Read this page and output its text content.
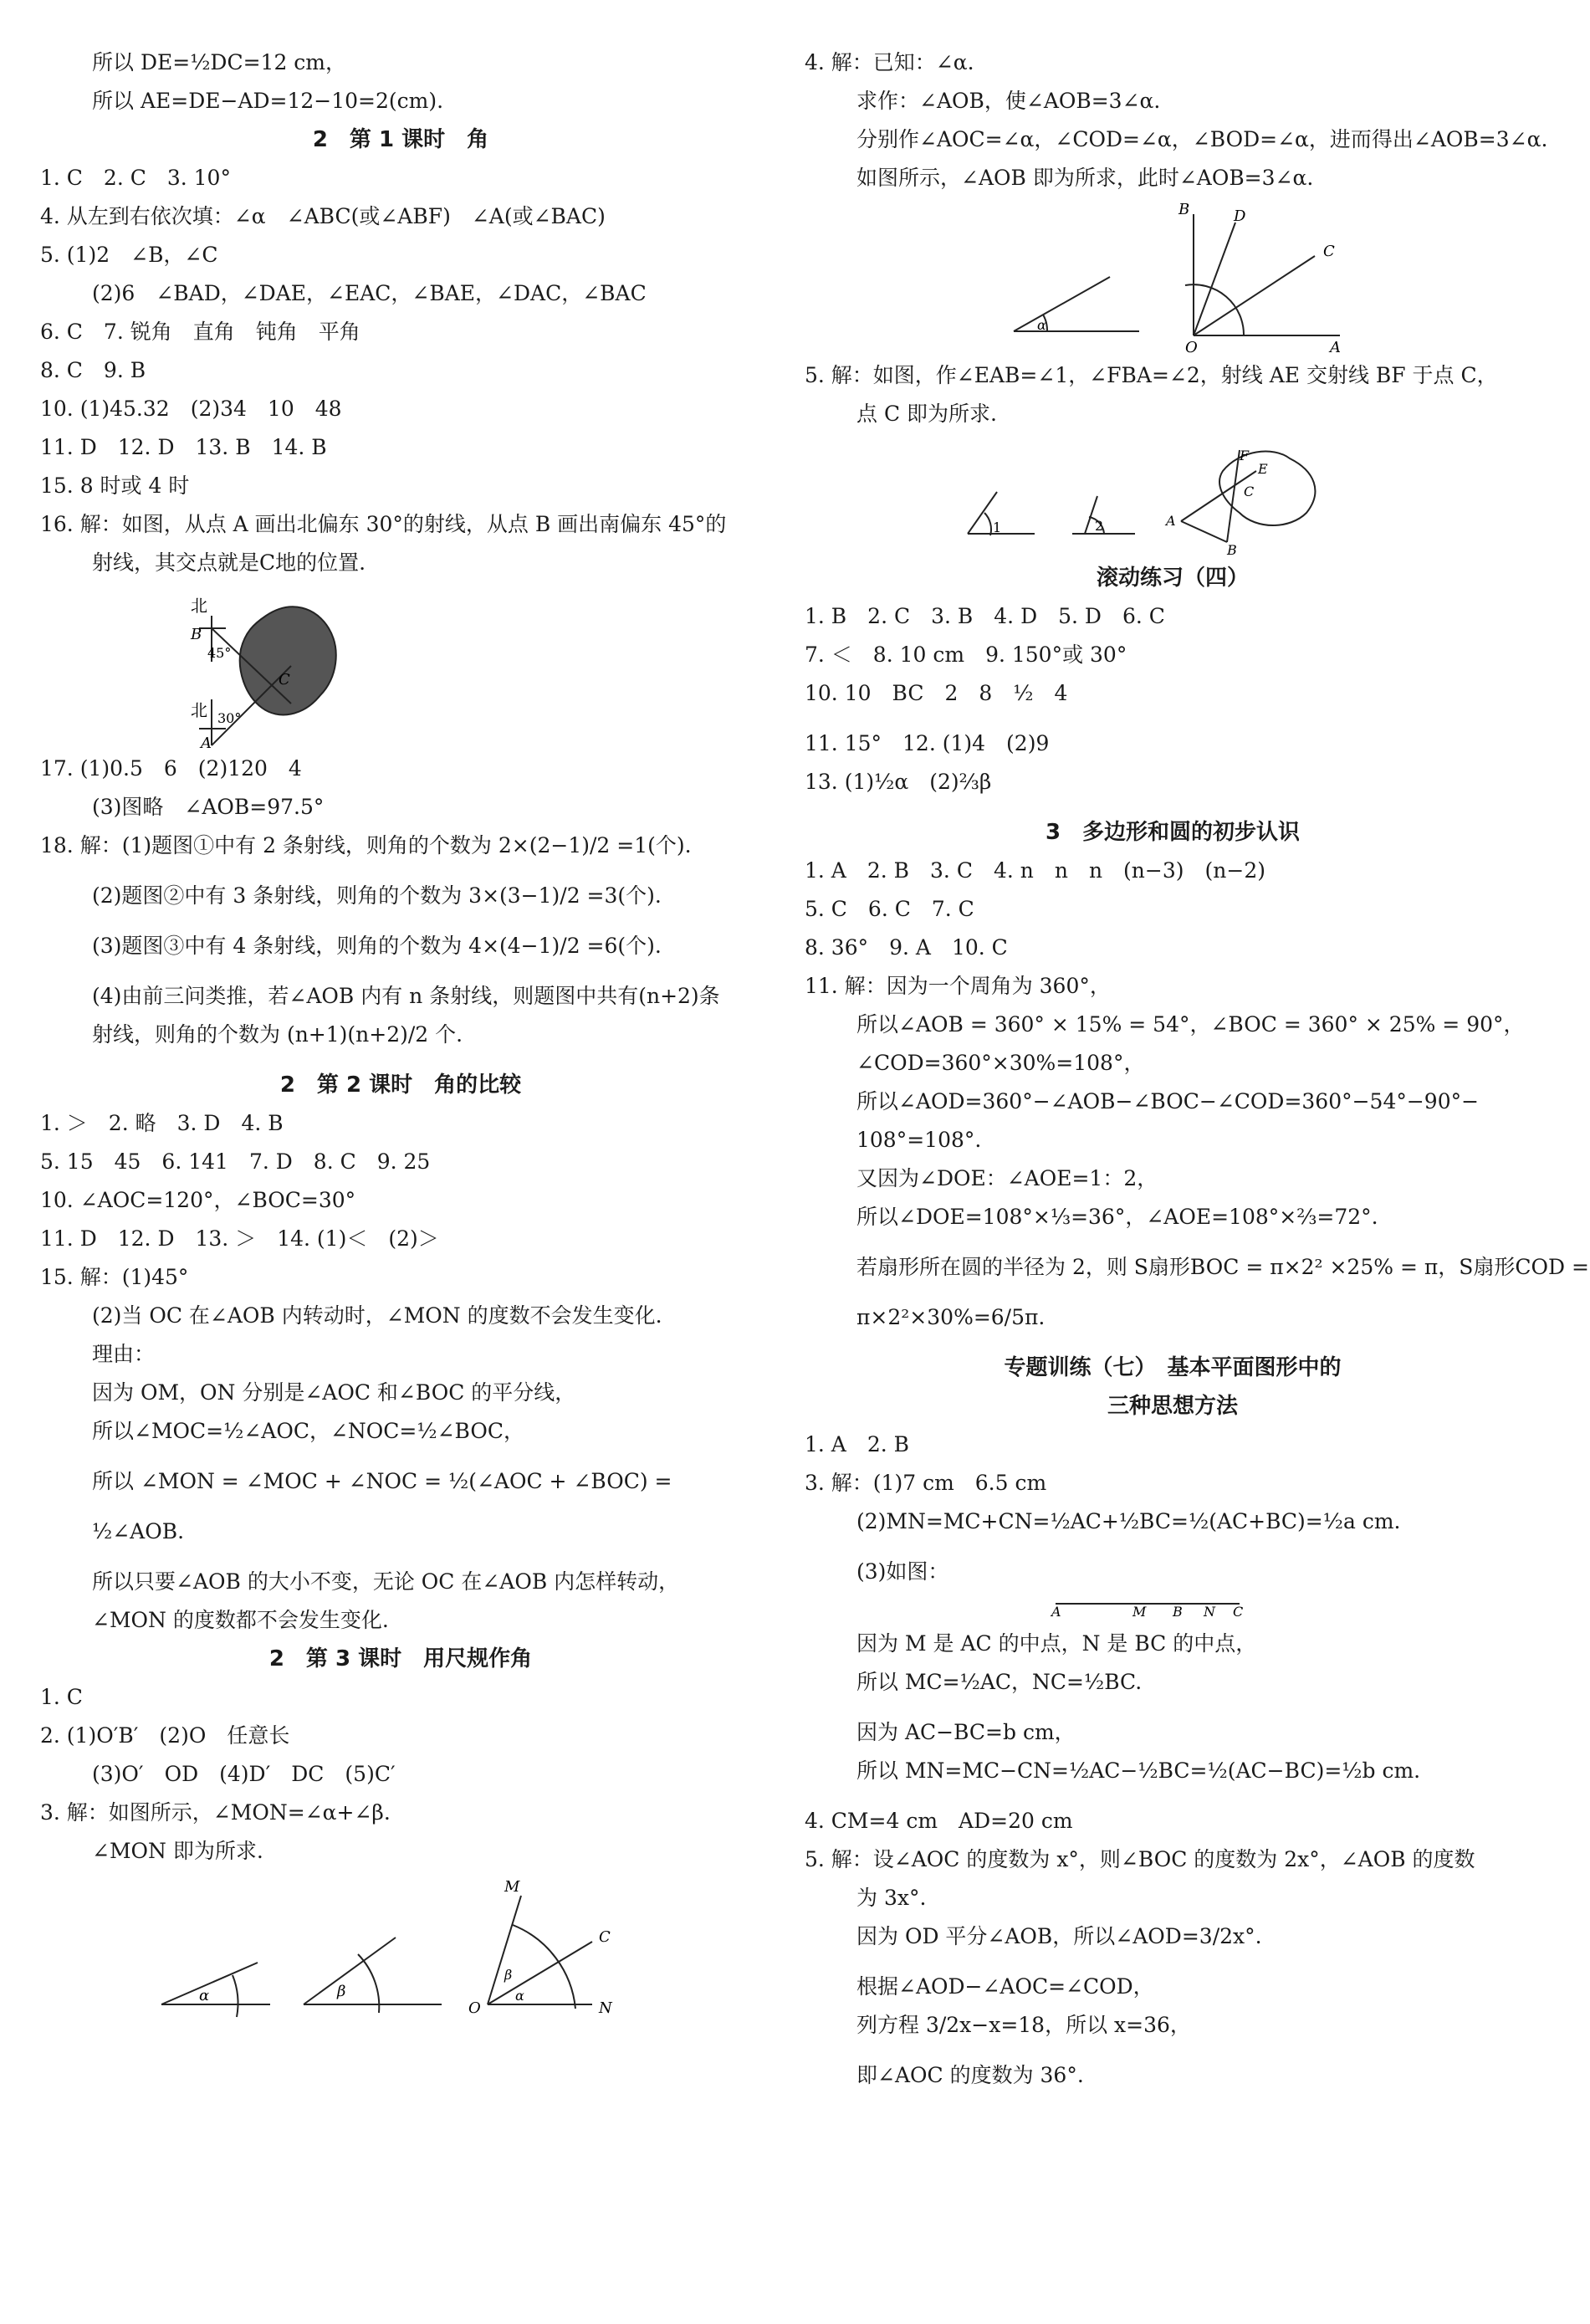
所以 DE=½DC=12 cm，
所以 AE=DE−AD=12−10=2(cm).
2　第 1 课时　角
1. C　2. C　3. 10°
4. 从左到右依次填：∠α　∠ABC(或∠ABF)　∠A(或∠BAC)
5. (1)2　∠B，∠C
(2)6　∠BAD，∠DAE，∠EAC，∠BAE，∠DAC，∠BAC
6. C　7. 锐角　直角　钝角　平角
8. C　9. B
10. (1)45.32　(2)34　10　48
11. D　12. D　13. B　14. B
15. 8 时或 4 时
16. 解：如图，从点 A 画出北偏东 30°的射线，从点 B 画出南偏东 45°的
射线，其交点就是C地的位置.
北
B
45°
C
北 30°
A
17. (1)0.5　6　(2)120　4
(3)图略　∠AOB=97.5°
18. 解：(1)题图①中有 2 条射线，则角的个数为 2×(2−1)/2 =1(个).
(2)题图②中有 3 条射线，则角的个数为 3×(3−1)/2 =3(个).
(3)题图③中有 4 条射线，则角的个数为 4×(4−1)/2 =6(个).
(4)由前三问类推，若∠AOB 内有 n 条射线，则题图中共有(n+2)条
射线，则角的个数为 (n+1)(n+2)/2 个.
2　第 2 课时　角的比较
1. ＞　2. 略　3. D　4. B
5. 15　45　6. 141　7. D　8. C　9. 25
10. ∠AOC=120°，∠BOC=30°
11. D　12. D　13. ＞　14. (1)＜　(2)＞
15. 解：(1)45°
(2)当 OC 在∠AOB 内转动时，∠MON 的度数不会发生变化.
理由：
因为 OM，ON 分别是∠AOC 和∠BOC 的平分线，
所以∠MOC=½∠AOC，∠NOC=½∠BOC，
所以 ∠MON = ∠MOC + ∠NOC = ½(∠AOC + ∠BOC) =
½∠AOB.
所以只要∠AOB 的大小不变，无论 OC 在∠AOB 内怎样转动，
∠MON 的度数都不会发生变化.
2　第 3 课时　用尺规作角
1. C
2. (1)O′B′　(2)O　任意长
(3)O′　OD　(4)D′　DC　(5)C′
3. 解：如图所示，∠MON=∠α+∠β.
∠MON 即为所求.
α	β
M
C
β
α
O	N
4. 解：已知：∠α.
求作：∠AOB，使∠AOB=3∠α.
分别作∠AOC=∠α，∠COD=∠α，∠BOD=∠α，进而得出∠AOB=3∠α.
如图所示，∠AOB 即为所求，此时∠AOB=3∠α.
α
B	D
C
O	A
5. 解：如图，作∠EAB=∠1，∠FBA=∠2，射线 AE 交射线 BF 于点 C，
点 C 即为所求.
1	2
F
E
C
A
B
滚动练习（四）
1. B　2. C　3. B　4. D　5. D　6. C
7. ＜　8. 10 cm　9. 150°或 30°
10. 10　BC　2　8　½　4
11. 15°　12. (1)4　(2)9
13. (1)½α　(2)⅔β
3　多边形和圆的初步认识
1. A　2. B　3. C　4. n　n　n　(n−3)　(n−2)
5. C　6. C　7. C
8. 36°　9. A　10. C
11. 解：因为一个周角为 360°，
所以∠AOB = 360° × 15% = 54°，∠BOC = 360° × 25% = 90°，
∠COD=360°×30%=108°，
所以∠AOD=360°−∠AOB−∠BOC−∠COD=360°−54°−90°−
108°=108°.
又因为∠DOE：∠AOE=1：2，
所以∠DOE=108°×⅓=36°，∠AOE=108°×⅔=72°.
若扇形所在圆的半径为 2，则 S扇形BOC = π×2² ×25% = π，S扇形COD =
π×2²×30%=6/5π.
专题训练（七）　基本平面图形中的
三种思想方法
1. A　2. B
3. 解：(1)7 cm　6.5 cm
(2)MN=MC+CN=½AC+½BC=½(AC+BC)=½a cm.
(3)如图：
A	M B N C
因为 M 是 AC 的中点，N 是 BC 的中点，
所以 MC=½AC，NC=½BC.
因为 AC−BC=b cm，
所以 MN=MC−CN=½AC−½BC=½(AC−BC)=½b cm.
4. CM=4 cm　AD=20 cm
5. 解：设∠AOC 的度数为 x°，则∠BOC 的度数为 2x°，∠AOB 的度数
为 3x°.
因为 OD 平分∠AOB，所以∠AOD=3/2x°.
根据∠AOD−∠AOC=∠COD，
列方程 3/2x−x=18，所以 x=36，
即∠AOC 的度数为 36°.
